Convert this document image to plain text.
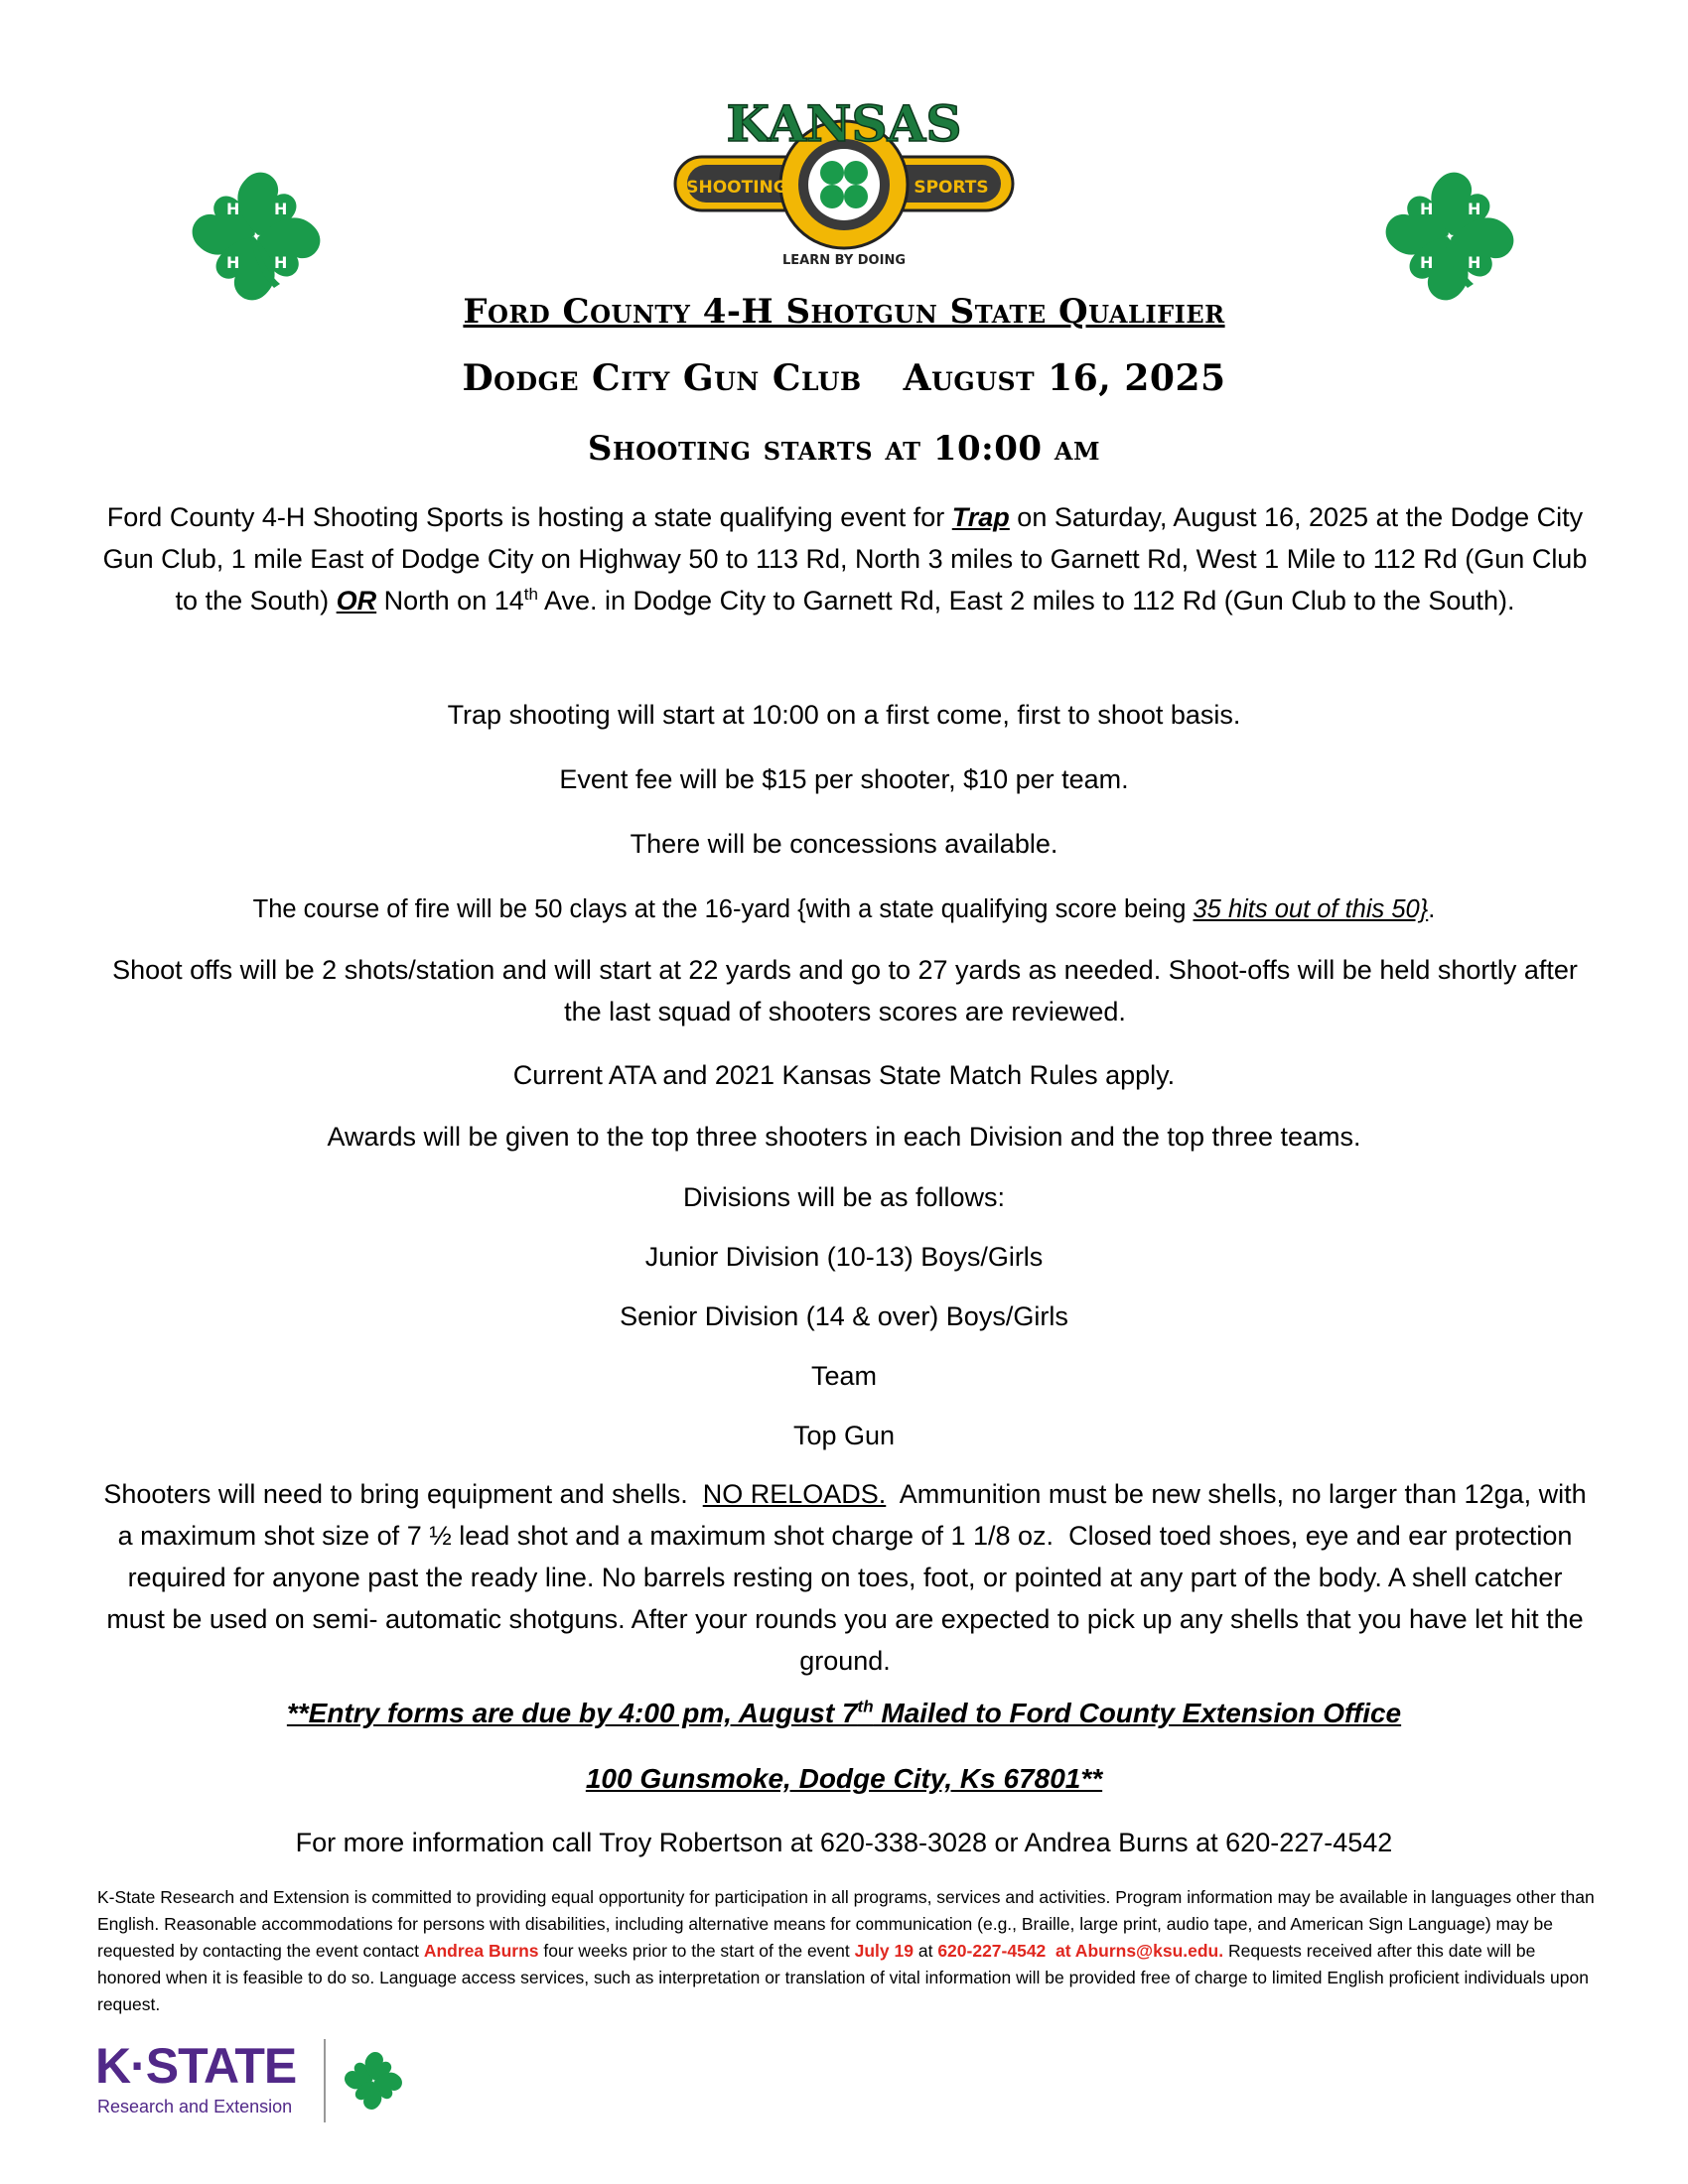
H H
H H
H H
H H
KANSAS
SHOOTING	SPORTS
LEARN BY DOING
Ford County 4-H Shotgun State Qualifier
Dodge City Gun Club August 16, 2025
Shooting starts at 10:00 am
Ford County 4-H Shooting Sports is hosting a state qualifying event for Trap on Saturday, August 16, 2025 at the Dodge City Gun Club, 1 mile East of Dodge City on Highway 50 to 113 Rd, North 3 miles to Garnett Rd, West 1 Mile to 112 Rd (Gun Club to the South) OR North on 14th Ave. in Dodge City to Garnett Rd, East 2 miles to 112 Rd (Gun Club to the South).
Trap shooting will start at 10:00 on a first come, first to shoot basis.
Event fee will be $15 per shooter, $10 per team.
There will be concessions available.
The course of fire will be 50 clays at the 16-yard {with a state qualifying score being 35 hits out of this 50}.
Shoot offs will be 2 shots/station and will start at 22 yards and go to 27 yards as needed. Shoot-offs will be held shortly after the last squad of shooters scores are reviewed.
Current ATA and 2021 Kansas State Match Rules apply.
Awards will be given to the top three shooters in each Division and the top three teams.
Divisions will be as follows:
Junior Division (10-13) Boys/Girls
Senior Division (14 & over) Boys/Girls
Team
Top Gun
Shooters will need to bring equipment and shells.  NO RELOADS.  Ammunition must be new shells, no larger than 12ga, with a maximum shot size of 7 ½ lead shot and a maximum shot charge of 1 1/8 oz.  Closed toed shoes, eye and ear protection required for anyone past the ready line. No barrels resting on toes, foot, or pointed at any part of the body. A shell catcher must be used on semi- automatic shotguns. After your rounds you are expected to pick up any shells that you have let hit the ground.
**Entry forms are due by 4:00 pm, August 7th Mailed to Ford County Extension Office
100 Gunsmoke, Dodge City, Ks 67801**
For more information call Troy Robertson at 620-338-3028 or Andrea Burns at 620-227-4542
K-State Research and Extension is committed to providing equal opportunity for participation in all programs, services and activities. Program information may be available in languages other than English. Reasonable accommodations for persons with disabilities, including alternative means for communication (e.g., Braille, large print, audio tape, and American Sign Language) may be requested by contacting the event contact Andrea Burns four weeks prior to the start of the event July 19 at 620-227-4542 at Aburns@ksu.edu. Requests received after this date will be honored when it is feasible to do so. Language access services, such as interpretation or translation of vital information will be provided free of charge to limited English proficient individuals upon request.
K·STATE
Research and Extension
